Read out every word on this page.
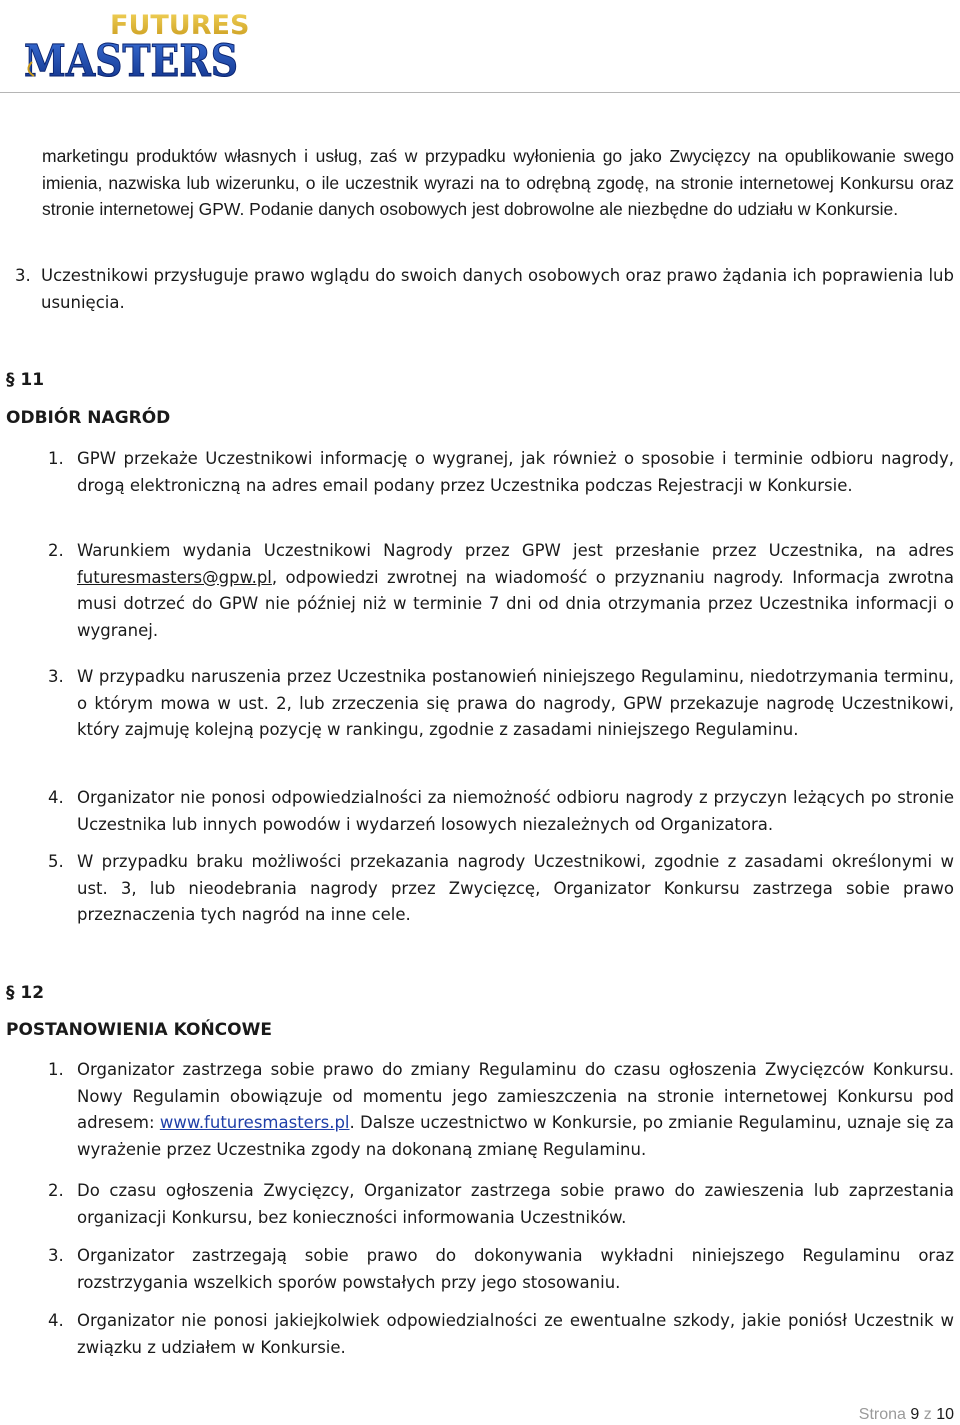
FUTURES
MASTERS
marketingu produktów własnych i usług, zaś w przypadku wyłonienia go jako Zwycięzcy na opublikowanie swego imienia, nazwiska lub wizerunku, o ile uczestnik wyrazi na to odrębną zgodę, na stronie internetowej Konkursu oraz stronie internetowej GPW. Podanie danych osobowych jest dobrowolne ale niezbędne do udziału w Konkursie.
3. Uczestnikowi przysługuje prawo wglądu do swoich danych osobowych oraz prawo żądania ich poprawienia lub usunięcia.
§ 11
ODBIÓR NAGRÓD
1. GPW przekaże Uczestnikowi informację o wygranej, jak również o sposobie i terminie odbioru nagrody, drogą elektroniczną na adres email podany przez Uczestnika podczas Rejestracji w Konkursie.
2. Warunkiem wydania Uczestnikowi Nagrody przez GPW jest przesłanie przez Uczestnika, na adres futuresmasters@gpw.pl, odpowiedzi zwrotnej na wiadomość o przyznaniu nagrody. Informacja zwrotna musi dotrzeć do GPW nie później niż w terminie 7 dni od dnia otrzymania przez Uczestnika informacji o wygranej.
3. W przypadku naruszenia przez Uczestnika postanowień niniejszego Regulaminu, niedotrzymania terminu, o którym mowa w ust. 2, lub zrzeczenia się prawa do nagrody, GPW przekazuje nagrodę Uczestnikowi, który zajmuję kolejną pozycję w rankingu, zgodnie z zasadami niniejszego Regulaminu.
4. Organizator nie ponosi odpowiedzialności za niemożność odbioru nagrody z przyczyn leżących po stronie Uczestnika lub innych powodów i wydarzeń losowych niezależnych od Organizatora.
5. W przypadku braku możliwości przekazania nagrody Uczestnikowi, zgodnie z zasadami określonymi w ust. 3, lub nieodebrania nagrody przez Zwycięzcę, Organizator Konkursu zastrzega sobie prawo przeznaczenia tych nagród na inne cele.
§ 12
POSTANOWIENIA KOŃCOWE
1. Organizator zastrzega sobie prawo do zmiany Regulaminu do czasu ogłoszenia Zwycięzców Konkursu. Nowy Regulamin obowiązuje od momentu jego zamieszczenia na stronie internetowej Konkursu pod adresem: www.futuresmasters.pl. Dalsze uczestnictwo w Konkursie, po zmianie Regulaminu, uznaje się za wyrażenie przez Uczestnika zgody na dokonaną zmianę Regulaminu.
2. Do czasu ogłoszenia Zwycięzcy, Organizator zastrzega sobie prawo do zawieszenia lub zaprzestania organizacji Konkursu, bez konieczności informowania Uczestników.
3. Organizator zastrzegają sobie prawo do dokonywania wykładni niniejszego Regulaminu oraz rozstrzygania wszelkich sporów powstałych przy jego stosowaniu.
4. Organizator nie ponosi jakiejkolwiek odpowiedzialności ze ewentualne szkody, jakie poniósł Uczestnik w związku z udziałem w Konkursie.
Strona 9 z 10
